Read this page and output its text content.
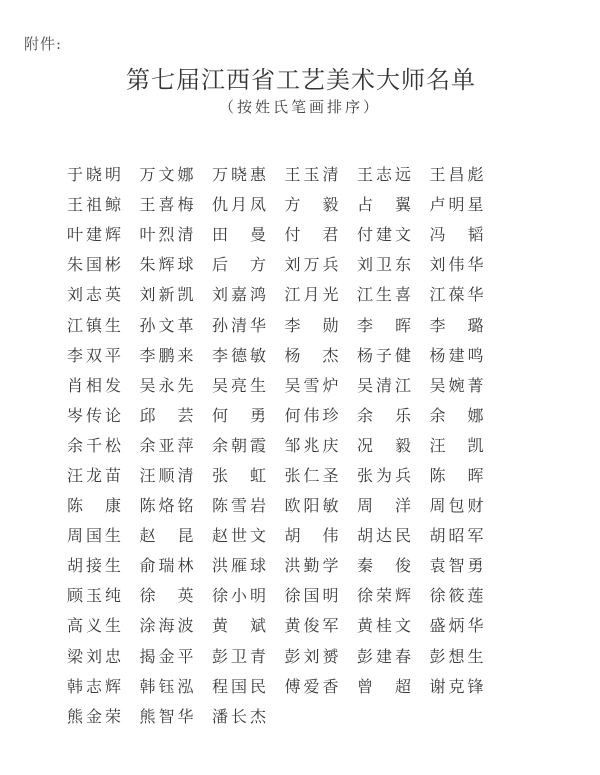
附件:
第七届江西省工艺美术大师名单
（按姓氏笔画排序）
于 晓 明 万 文 娜 万 晓 惠 王 玉 清 王 志 远 王 昌 彪
王 祖 鲸 王 喜 梅 仇 月 凤 方 毅 占 翼 卢 明 星
叶 建 辉 叶 烈 清 田 曼 付 君 付 建 文 冯 韬
朱 国 彬 朱 辉 球 后 方 刘 万 兵 刘 卫 东 刘 伟 华
刘 志 英 刘 新 凯 刘 嘉 鸿 江 月 光 江 生 喜 江 葆 华
江 镇 生 孙 文 革 孙 清 华 李 勋 李 晖 李 璐
李 双 平 李 鹏 来 李 德 敏 杨 杰 杨 子 健 杨 建 鸣
肖 相 发 吴 永 先 吴 亮 生 吴 雪 炉 吴 清 江 吴 婉 菁
岑 传 论 邱 芸 何 勇 何 伟 珍 余 乐 余 娜
余 千 松 余 亚 萍 余 朝 霞 邹 兆 庆 况 毅 汪 凯
汪 龙 苗 汪 顺 清 张 虹 张 仁 圣 张 为 兵 陈 晖
陈 康 陈 烙 铭 陈 雪 岩 欧 阳 敏 周 洋 周 包 财
周 国 生 赵 昆 赵 世 文 胡 伟 胡 达 民 胡 昭 军
胡 接 生 俞 瑞 林 洪 雁 球 洪 勤 学 秦 俊 袁 智 勇
顾 玉 纯 徐 英 徐 小 明 徐 国 明 徐 荣 辉 徐 筱 莲
高 义 生 涂 海 波 黄 斌 黄 俊 军 黄 桂 文 盛 炳 华
梁 刘 忠 揭 金 平 彭 卫 青 彭 刘 赟 彭 建 春 彭 想 生
韩 志 辉 韩 钰 泓 程 国 民 傅 爱 香 曾 超 谢 克 锋
熊 金 荣 熊 智 华 潘 长 杰
